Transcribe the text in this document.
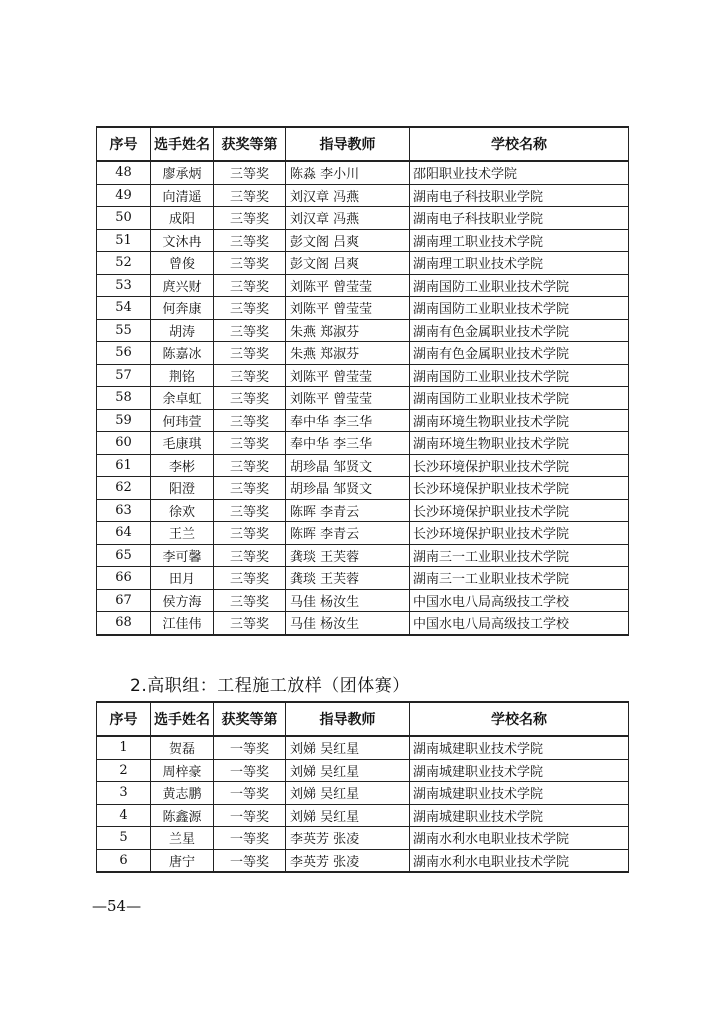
序号	选手姓名	获奖等第	指导教师	学校名称
48	廖承炳	三等奖	陈淼 李小川	邵阳职业技术学院
49	向清遥	三等奖	刘汉章 冯燕	湖南电子科技职业学院
50	成阳	三等奖	刘汉章 冯燕	湖南电子科技职业学院
51	文沐冉	三等奖	彭文阁 吕爽	湖南理工职业技术学院
52	曾俊	三等奖	彭文阁 吕爽	湖南理工职业技术学院
53	庹兴财	三等奖	刘陈平 曾莹莹	湖南国防工业职业技术学院
54	何奔康	三等奖	刘陈平 曾莹莹	湖南国防工业职业技术学院
55	胡涛	三等奖	朱燕 郑淑芬	湖南有色金属职业技术学院
56	陈嘉冰	三等奖	朱燕 郑淑芬	湖南有色金属职业技术学院
57	荆铭	三等奖	刘陈平 曾莹莹	湖南国防工业职业技术学院
58	余卓虹	三等奖	刘陈平 曾莹莹	湖南国防工业职业技术学院
59	何玮萱	三等奖	奉中华 李三华	湖南环境生物职业技术学院
60	毛康琪	三等奖	奉中华 李三华	湖南环境生物职业技术学院
61	李彬	三等奖	胡珍晶 邹贤文	长沙环境保护职业技术学院
62	阳澄	三等奖	胡珍晶 邹贤文	长沙环境保护职业技术学院
63	徐欢	三等奖	陈晖 李青云	长沙环境保护职业技术学院
64	王兰	三等奖	陈晖 李青云	长沙环境保护职业技术学院
65	李可馨	三等奖	龚琰 王芙蓉	湖南三一工业职业技术学院
66	田月	三等奖	龚琰 王芙蓉	湖南三一工业职业技术学院
67	侯方海	三等奖	马佳 杨汝生	中国水电八局高级技工学校
68	江佳伟	三等奖	马佳 杨汝生	中国水电八局高级技工学校
2.高职组：工程施工放样（团体赛）
序号	选手姓名	获奖等第	指导教师	学校名称
1	贺磊	一等奖	刘娣 吴红星	湖南城建职业技术学院
2	周梓豪	一等奖	刘娣 吴红星	湖南城建职业技术学院
3	黄志鹏	一等奖	刘娣 吴红星	湖南城建职业技术学院
4	陈鑫源	一等奖	刘娣 吴红星	湖南城建职业技术学院
5	兰星	一等奖	李英芳 张凌	湖南水利水电职业技术学院
6	唐宁	一等奖	李英芳 张凌	湖南水利水电职业技术学院
—54—
